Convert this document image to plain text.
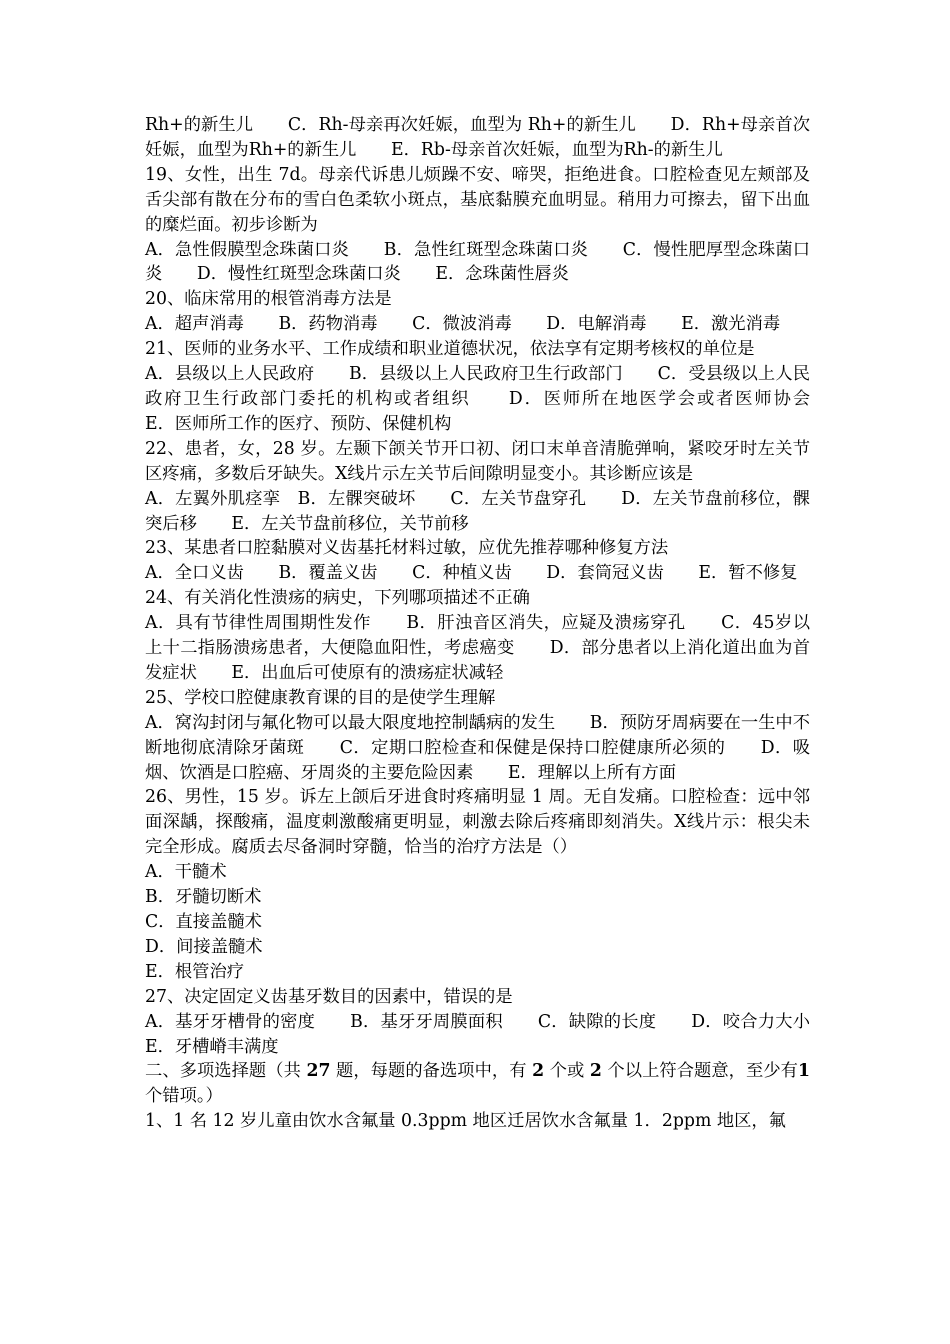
Rh+的新生儿　　C．Rh-母亲再次妊娠，血型为 Rh+的新生儿　　D．Rh+母亲首次妊娠，血型为Rh+的新生儿　　E．Rb-母亲首次妊娠，血型为Rh-的新生儿

19、女性，出生 7d。母亲代诉患儿烦躁不安、啼哭，拒绝进食。口腔检查见左颊部及舌尖部有散在分布的雪白色柔软小斑点，基底黏膜充血明显。稍用力可擦去，留下出血的糜烂面。初步诊断为

A．急性假膜型念珠菌口炎　　B．急性红斑型念珠菌口炎　　C．慢性肥厚型念珠菌口炎　　D．慢性红斑型念珠菌口炎　　E．念珠菌性唇炎

20、临床常用的根管消毒方法是

A．超声消毒　　B．药物消毒　　C．微波消毒　　D．电解消毒　　E．激光消毒

21、医师的业务水平、工作成绩和职业道德状况，依法享有定期考核权的单位是

A．县级以上人民政府　　B．县级以上人民政府卫生行政部门　　C．受县级以上人民政府卫生行政部门委托的机构或者组织　　D．医师所在地医学会或者医师协会　　E．医师所工作的医疗、预防、保健机构

22、患者，女，28 岁。左颞下颌关节开口初、闭口末单音清脆弹响，紧咬牙时左关节区疼痛，多数后牙缺失。X线片示左关节后间隙明显变小。其诊断应该是

A．左翼外肌痉挛　B．左髁突破坏　　C．左关节盘穿孔　　D．左关节盘前移位，髁突后移　　E．左关节盘前移位，关节前移

23、某患者口腔黏膜对义齿基托材料过敏，应优先推荐哪种修复方法

A．全口义齿　　B．覆盖义齿　　C．种植义齿　　D．套筒冠义齿　　E．暂不修复

24、有关消化性溃疡的病史，下列哪项描述不正确

A．具有节律性周围期性发作　　B．肝浊音区消失，应疑及溃疡穿孔　　C．45岁以上十二指肠溃疡患者，大便隐血阳性，考虑癌变　　D．部分患者以上消化道出血为首发症状　　E．出血后可使原有的溃疡症状减轻

25、学校口腔健康教育课的目的是使学生理解

A．窝沟封闭与氟化物可以最大限度地控制龋病的发生　　B．预防牙周病要在一生中不断地彻底清除牙菌斑　　C．定期口腔检查和保健是保持口腔健康所必须的　　D．吸烟、饮酒是口腔癌、牙周炎的主要危险因素　　E．理解以上所有方面

26、男性，15 岁。诉左上颌后牙进食时疼痛明显 1 周。无自发痛。口腔检查：远中邻面深龋，探酸痛，温度刺激酸痛更明显，刺激去除后疼痛即刻消失。X线片示：根尖未完全形成。腐质去尽备洞时穿髓，恰当的治疗方法是（）

A．干髓术

B．牙髓切断术

C．直接盖髓术

D．间接盖髓术

E．根管治疗

27、决定固定义齿基牙数目的因素中，错误的是

A．基牙牙槽骨的密度　　B．基牙牙周膜面积　　C．缺隙的长度　　D．咬合力大小　　E．牙槽嵴丰满度

二、多项选择题（共 27 题，每题的备选项中，有 2 个或 2 个以上符合题意，至少有1 个错项。）

1、1 名 12 岁儿童由饮水含氟量 0.3ppm 地区迁居饮水含氟量 1．2ppm 地区，氟
